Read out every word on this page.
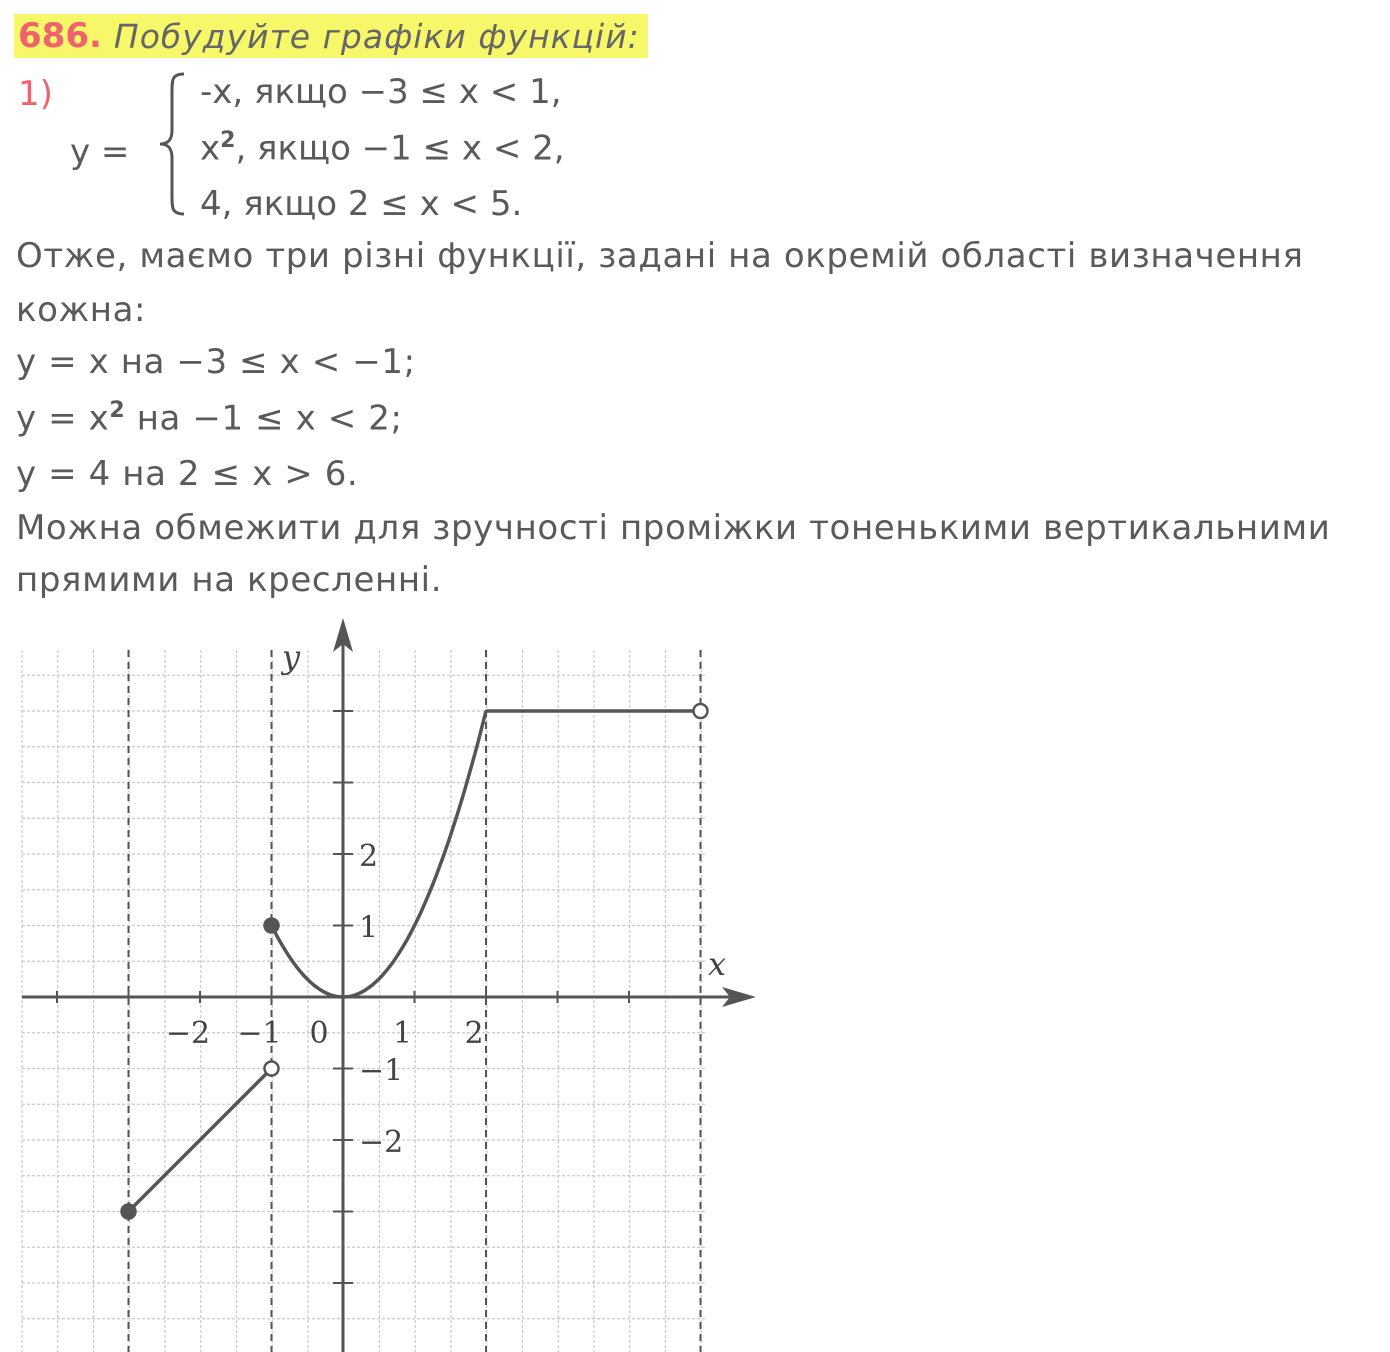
686. Побудуйте графіки функцій:
1)
y =
-x, якщо −3 ≤ x < 1,
$x^2$, якщо −1 ≤ x < 2,
4, якщо 2 ≤ x < 5.
Отже, маємо три різні функції, задані на окремій області визначення
кожна:
y = x на −3 ≤ x < −1;
$y = x^2$ на −1 ≤ x < 2;
y = 4 на 2 ≤ x > 6.
Можна обмежити для зручності проміжки тоненькими вертикальними
прямими на кресленні.
x
y
−2 −1 0 1 2
2
1
−1
−2
